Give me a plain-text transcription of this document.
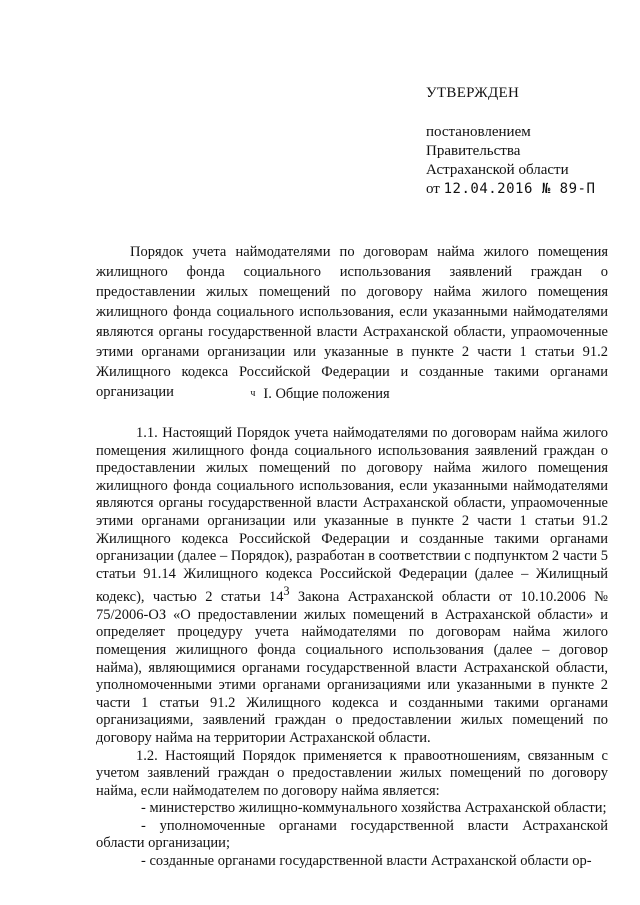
УТВЕРЖДЕН
постановлением
Правительства
Астраханской области
от 12.04.2016 № 89-П
Порядок учета наймодателями по договорам найма жилого помещения жилищного фонда социального использования заявлений граждан о предоставлении жилых помещений по договору найма жилого помещения жилищного фонда социального использования, если указанными наймодателями являются органы государственной власти Астраханской области, упраомоченные этими органами организации или указанные в пункте 2 части 1 статьи 91.2 Жилищного кодекса Российской Федерации и созданные такими органами организации	ч I. Общие положения

1.1. Настоящий Порядок учета наймодателями по договорам найма жилого помещения жилищного фонда социального использования заявлений граждан о предоставлении жилых помещений по договору найма жилого помещения жилищного фонда социального использования, если указанными наймодателями являются органы государственной власти Астраханской области, упраомоченные этими органами организации или указанные в пункте 2 части 1 статьи 91.2 Жилищного кодекса Российской Федерации и созданные такими органами организации (далее – Порядок), разработан в соответствии с подпунктом 2 части 5 статьи 91.14 Жилищного кодекса Российской Федерации (далее – Жилищный кодекс), частью 2 статьи $14^3$ Закона Астраханской области от 10.10.2006 № 75/2006-ОЗ «О предоставлении жилых помещений в Астраханской области» и определяет процедуру учета наймодателями по договорам найма жилого помещения жилищного фонда социального использования (далее – договор найма), являющимися органами государственной власти Астраханской области, уполномоченными этими органами организациями или указанными в пункте 2 части 1 статьи 91.2 Жилищного кодекса и созданными такими органами организациями, заявлений граждан о предоставлении жилых помещений по договору найма на территории Астраханской области.

1.2. Настоящий Порядок применяется к правоотношениям, связанным с учетом заявлений граждан о предоставлении жилых помещений по договору найма, если наймодателем по договору найма является:

- министерство жилищно-коммунального хозяйства Астраханской области;

- уполномоченные органами государственной власти Астраханской области организации;

- созданные органами государственной власти Астраханской области ор-
